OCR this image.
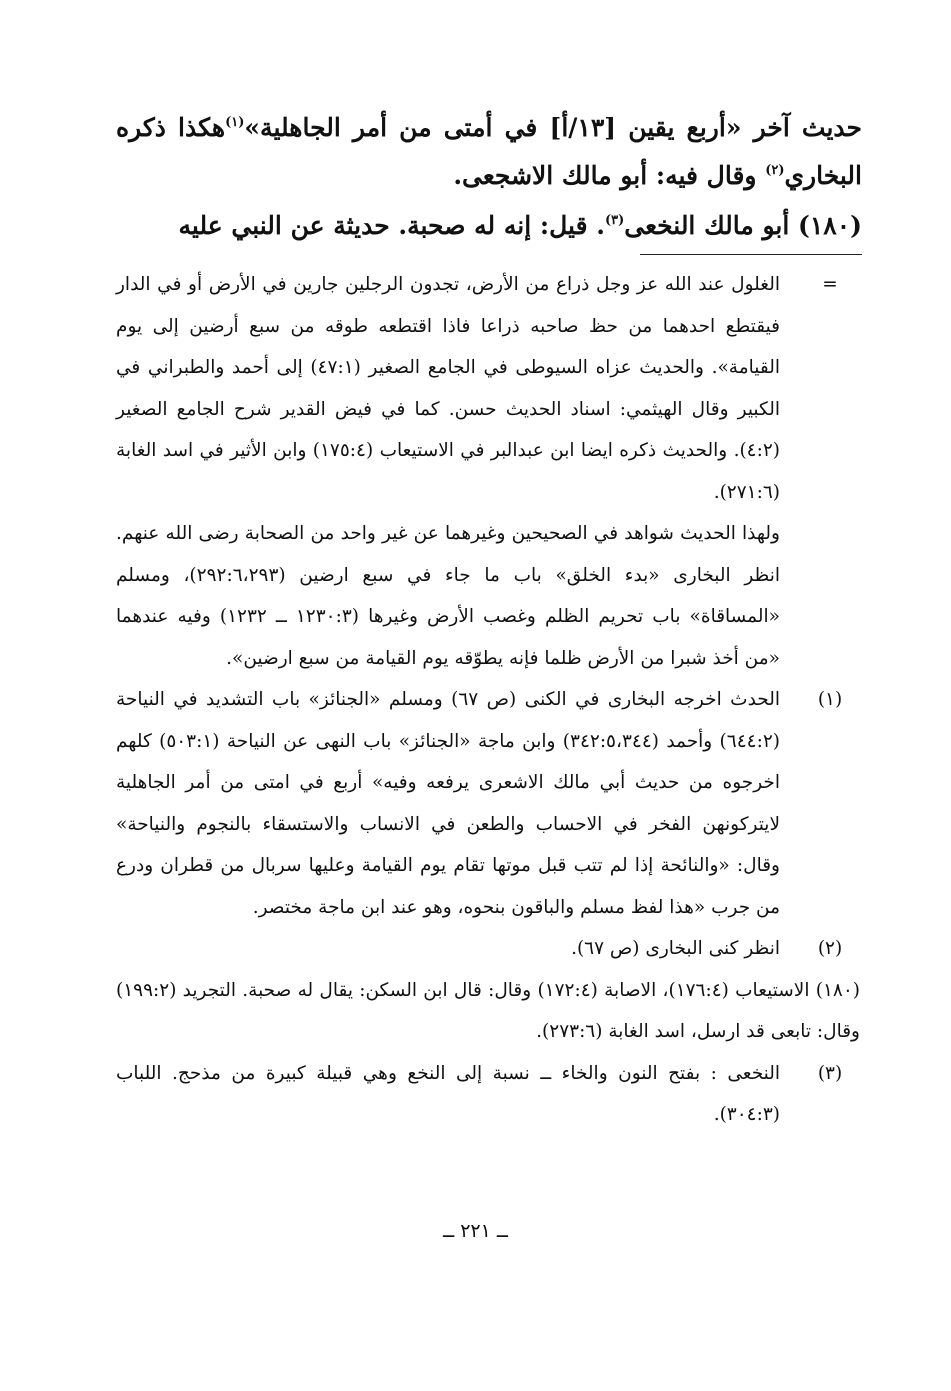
حديث آخر «أربع يقين [١٣/أ] في أمتى من أمر الجاهلية»$^{(١)}$هكذا ذكره البخاري$^{(٢)}$ وقال فيه: أبو مالك الاشجعى.

(١٨٠) أبو مالك النخعى$^{(٣)}$. قيل: إنه له صحبة. حديثة عن النبي عليه

=
الغلول عند الله عز وجل ذراع من الأرض، تجدون الرجلين جارين في الأرض أو في الدار فيقتطع احدهما من حظ صاحبه ذراعا فاذا اقتطعه طوقه من سبع أرضين إلى يوم القيامة». والحديث عزاه السيوطى في الجامع الصغير (٤٧:١) إلى أحمد والطبراني في الكبير وقال الهيثمي: اسناد الحديث حسن. كما في فيض القدير شرح الجامع الصغير (٤:٢). والحديث ذكره ايضا ابن عبدالبر في الاستيعاب (١٧٥:٤) وابن الأثير في اسد الغابة (٢٧١:٦).
ولهذا الحديث شواهد في الصحيحين وغيرهما عن غير واحد من الصحابة رضى الله عنهم. انظر البخارى «بدء الخلق» باب ما جاء في سبع ارضين (٢٩٢:٦،٢٩٣)، ومسلم «المساقاة» باب تحريم الظلم وغصب الأرض وغيرها (١٢٣٠:٣ ــ ١٢٣٢) وفيه عندهما «من أخذ شبرا من الأرض ظلما فإنه يطوّقه يوم القيامة من سبع ارضين».
(١)
الحدث اخرجه البخارى في الكنى (ص ٦٧) ومسلم «الجنائز» باب التشديد في النياحة (٦٤٤:٢) وأحمد (٣٤٢:٥،٣٤٤) وابن ماجة «الجنائز» باب النهى عن النياحة (٥٠٣:١) كلهم اخرجوه من حديث أبي مالك الاشعرى يرفعه وفيه» أربع في امتى من أمر الجاهلية لايتركونهن الفخر في الاحساب والطعن في الانساب والاستسقاء بالنجوم والنياحة» وقال: «والنائحة إذا لم تتب قبل موتها تقام يوم القيامة وعليها سربال من قطران ودرع من جرب «هذا لفظ مسلم والباقون بنحوه، وهو عند ابن ماجة مختصر.
(٢)
انظر كنى البخارى (ص ٦٧).
(١٨٠) الاستيعاب (١٧٦:٤)، الاصابة (١٧٢:٤) وقال: قال ابن السكن: يقال له صحبة. التجريد (١٩٩:٢) وقال: تابعى قد ارسل، اسد الغابة (٢٧٣:٦).
(٣)
النخعى : بفتح النون والخاء ــ نسبة إلى النخع وهي قبيلة كبيرة من مذحج. اللباب (٣٠٤:٣).
ــ ٢٢١ ــ
